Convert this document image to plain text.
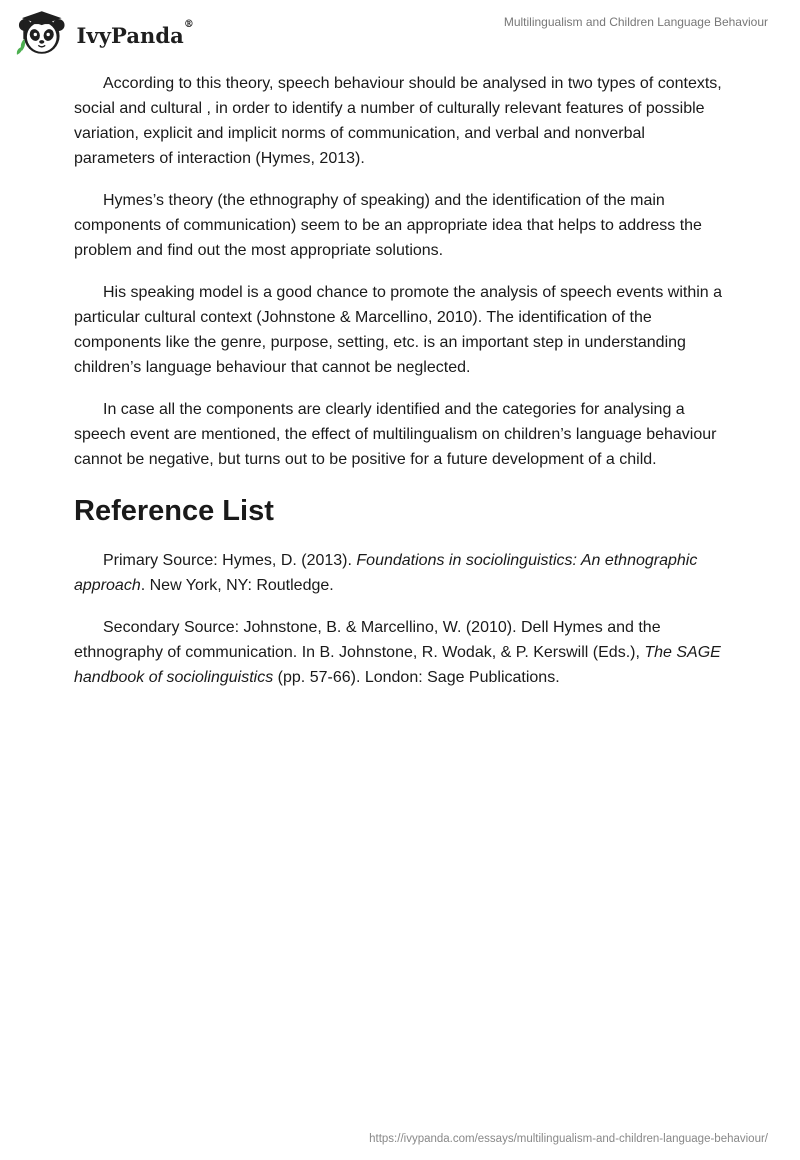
IvyPanda®	Multilingualism and Children Language Behaviour

According to this theory, speech behaviour should be analysed in two types of contexts, social and cultural , in order to identify a number of culturally relevant features of possible variation, explicit and implicit norms of communication, and verbal and nonverbal parameters of interaction (Hymes, 2013).

Hymes’s theory (the ethnography of speaking) and the identification of the main components of communication) seem to be an appropriate idea that helps to address the problem and find out the most appropriate solutions.

His speaking model is a good chance to promote the analysis of speech events within a particular cultural context (Johnstone & Marcellino, 2010). The identification of the components like the genre, purpose, setting, etc. is an important step in understanding children’s language behaviour that cannot be neglected.

In case all the components are clearly identified and the categories for analysing a speech event are mentioned, the effect of multilingualism on children’s language behaviour cannot be negative, but turns out to be positive for a future development of a child.

Reference List

Primary Source: Hymes, D. (2013). Foundations in sociolinguistics: An ethnographic approach. New York, NY: Routledge.

Secondary Source: Johnstone, B. & Marcellino, W. (2010). Dell Hymes and the ethnography of communication. In B. Johnstone, R. Wodak, & P. Kerswill (Eds.), The SAGE handbook of sociolinguistics (pp. 57-66). London: Sage Publications.

https://ivypanda.com/essays/multilingualism-and-children-language-behaviour/
